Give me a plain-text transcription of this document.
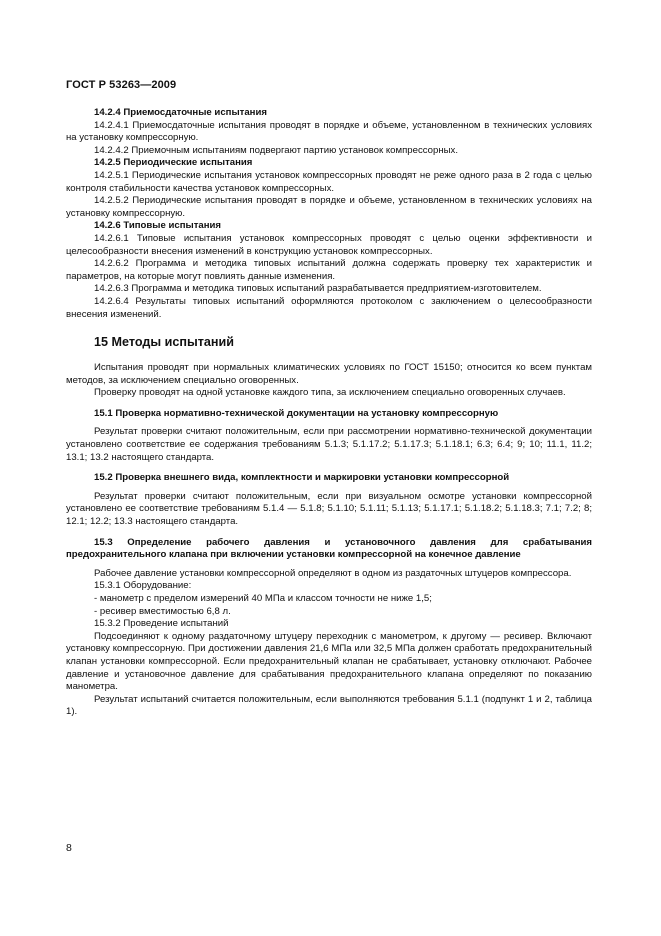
ГОСТ Р 53263—2009

14.2.4 Приемосдаточные испытания

14.2.4.1 Приемосдаточные испытания проводят в порядке и объеме, установленном в технических условиях на установку компрессорную.

14.2.4.2 Приемочным испытаниям подвергают партию установок компрессорных.

14.2.5 Периодические испытания

14.2.5.1 Периодические испытания установок компрессорных проводят не реже одного раза в 2 года с целью контроля стабильности качества установок компрессорных.

14.2.5.2 Периодические испытания проводят в порядке и объеме, установленном в технических условиях на установку компрессорную.

14.2.6 Типовые испытания

14.2.6.1 Типовые испытания установок компрессорных проводят с целью оценки эффективности и целесообразности внесения изменений в конструкцию установок компрессорных.

14.2.6.2 Программа и методика типовых испытаний должна содержать проверку тех характеристик и параметров, на которые могут повлиять данные изменения.

14.2.6.3 Программа и методика типовых испытаний разрабатывается предприятием-изготовителем.

14.2.6.4 Результаты типовых испытаний оформляются протоколом с заключением о целесообразности внесения изменений.

15 Методы испытаний

Испытания проводят при нормальных климатических условиях по ГОСТ 15150; относится ко всем пунктам методов, за исключением специально оговоренных.

Проверку проводят на одной установке каждого типа, за исключением специально оговоренных случаев.

15.1 Проверка нормативно-технической документации на установку компрессорную

Результат проверки считают положительным, если при рассмотрении нормативно-технической документации установлено соответствие ее содержания требованиям 5.1.3; 5.1.17.2; 5.1.17.3; 5.1.18.1; 6.3; 6.4; 9; 10; 11.1, 11.2; 13.1; 13.2 настоящего стандарта.

15.2 Проверка внешнего вида, комплектности и маркировки установки компрессорной

Результат проверки считают положительным, если при визуальном осмотре установки компрессорной установлено ее соответствие требованиям 5.1.4 — 5.1.8; 5.1.10; 5.1.11; 5.1.13; 5.1.17.1; 5.1.18.2; 5.1.18.3; 7.1; 7.2; 8; 12.1; 12.2; 13.3 настоящего стандарта.

15.3 Определение рабочего давления и установочного давления для срабатывания предохранительного клапана при включении установки компрессорной на конечное давление

Рабочее давление установки компрессорной определяют в одном из раздаточных штуцеров компрессора.

15.3.1 Оборудование:

- манометр с пределом измерений 40 МПа и классом точности не ниже 1,5;

- ресивер вместимостью 6,8 л.

15.3.2 Проведение испытаний

Подсоединяют к одному раздаточному штуцеру переходник с манометром, к другому — ресивер. Включают установку компрессорную. При достижении давления 21,6 МПа или 32,5 МПа должен сработать предохранительный клапан установки компрессорной. Если предохранительный клапан не срабатывает, установку отключают. Рабочее давление и установочное давление для срабатывания предохранительного клапана определяют по показанию манометра.

Результат испытаний считается положительным, если выполняются требования 5.1.1 (подпункт 1 и 2, таблица 1).

8
